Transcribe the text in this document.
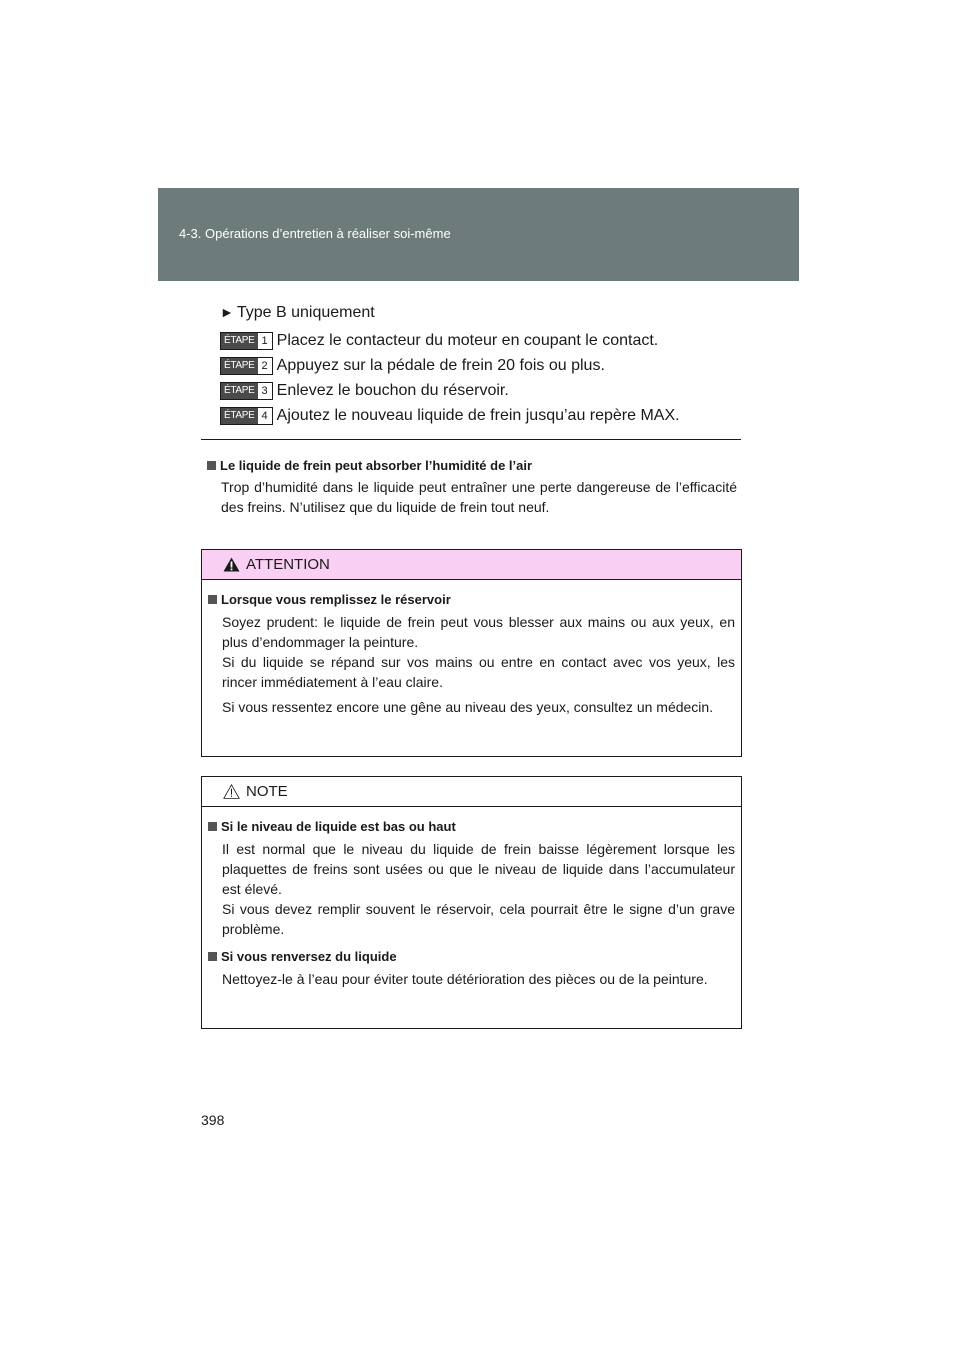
4-3. Opérations d’entretien à réaliser soi-même
► Type B uniquement
ÉTAPE 1 Placez le contacteur du moteur en coupant le contact.
ÉTAPE 2 Appuyez sur la pédale de frein 20 fois ou plus.
ÉTAPE 3 Enlevez le bouchon du réservoir.
ÉTAPE 4 Ajoutez le nouveau liquide de frein jusqu’au repère MAX.
Le liquide de frein peut absorber l’humidité de l’air
Trop d’humidité dans le liquide peut entraîner une perte dangereuse de l’efficacité des freins. N’utilisez que du liquide de frein tout neuf.
ATTENTION
Lorsque vous remplissez le réservoir
Soyez prudent: le liquide de frein peut vous blesser aux mains ou aux yeux, en plus d’endommager la peinture.
Si du liquide se répand sur vos mains ou entre en contact avec vos yeux, les rincer immédiatement à l’eau claire.
Si vous ressentez encore une gêne au niveau des yeux, consultez un médecin.
NOTE
Si le niveau de liquide est bas ou haut
Il est normal que le niveau du liquide de frein baisse légèrement lorsque les plaquettes de freins sont usées ou que le niveau de liquide dans l’accumulateur est élevé.
Si vous devez remplir souvent le réservoir, cela pourrait être le signe d’un grave problème.
Si vous renversez du liquide
Nettoyez-le à l’eau pour éviter toute détérioration des pièces ou de la peinture.
398
